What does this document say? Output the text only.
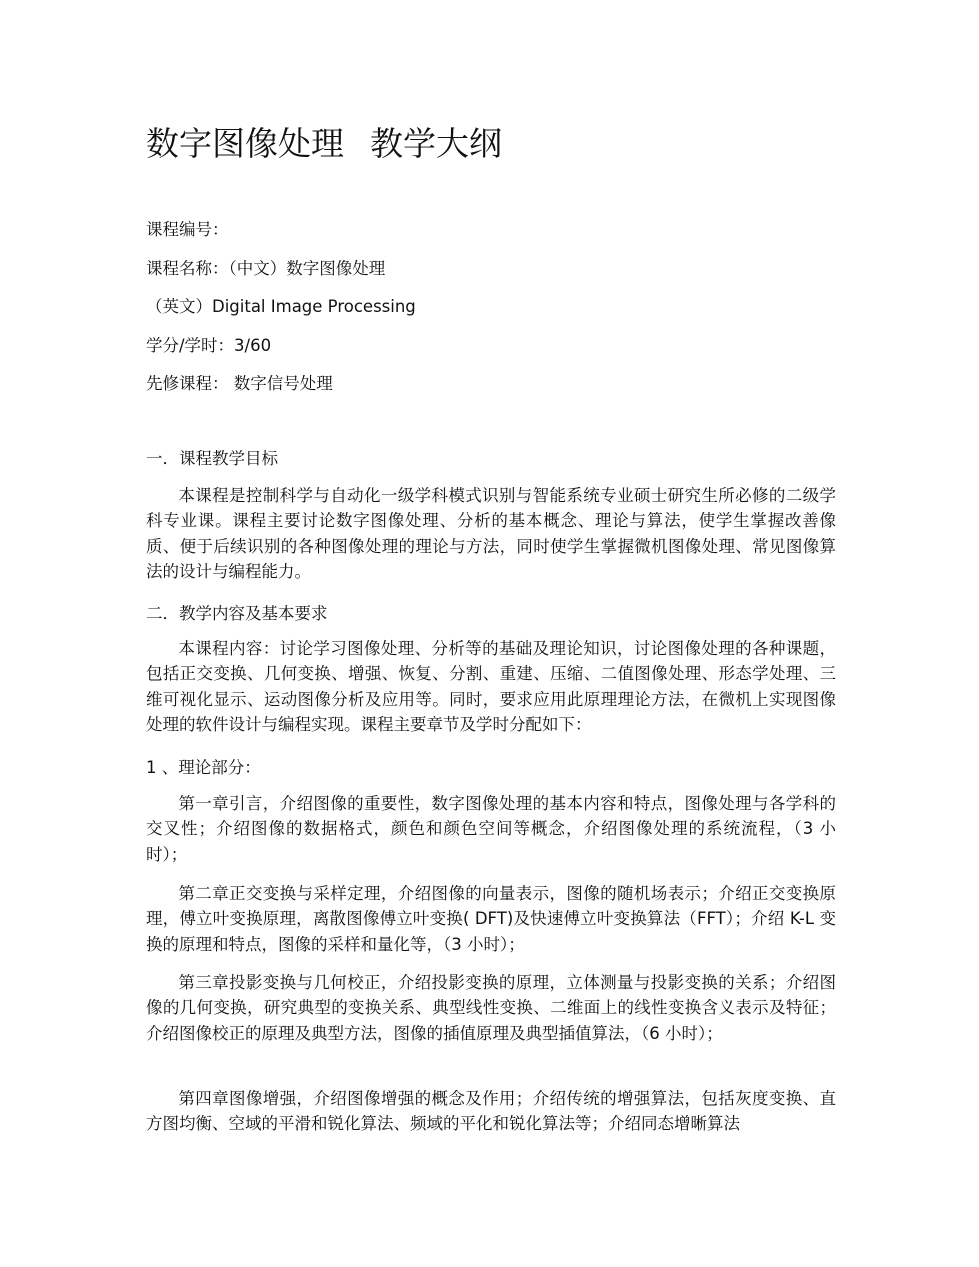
数字图像处理 教学大纲
课程编号：
课程名称：（中文）数字图像处理
（英文）Digital Image Processing
学分/学时：3/60
先修课程： 数字信号处理
一．课程教学目标
本课程是控制科学与自动化一级学科模式识别与智能系统专业硕士研究生所必修的二级学科专业课。课程主要讨论数字图像处理、分析的基本概念、理论与算法，使学生掌握改善像质、便于后续识别的各种图像处理的理论与方法，同时使学生掌握微机图像处理、常见图像算法的设计与编程能力。
二．教学内容及基本要求
本课程内容：讨论学习图像处理、分析等的基础及理论知识，讨论图像处理的各种课题，包括正交变换、几何变换、增强、恢复、分割、重建、压缩、二值图像处理、形态学处理、三维可视化显示、运动图像分析及应用等。同时，要求应用此原理理论方法，在微机上实现图像处理的软件设计与编程实现。课程主要章节及学时分配如下：
1 、理论部分：
第一章引言，介绍图像的重要性，数字图像处理的基本内容和特点，图像处理与各学科的交叉性；介绍图像的数据格式，颜色和颜色空间等概念，介绍图像处理的系统流程，（3 小时）；
第二章正交变换与采样定理，介绍图像的向量表示，图像的随机场表示；介绍正交变换原理，傅立叶变换原理，离散图像傅立叶变换( DFT)及快速傅立叶变换算法（FFT）；介绍 K-L 变换的原理和特点，图像的采样和量化等，（3 小时）；
第三章投影变换与几何校正，介绍投影变换的原理，立体测量与投影变换的关系；介绍图像的几何变换，研究典型的变换关系、典型线性变换、二维面上的线性变换含义表示及特征；介绍图像校正的原理及典型方法，图像的插值原理及典型插值算法，（6 小时）；
第四章图像增强，介绍图像增强的概念及作用；介绍传统的增强算法，包括灰度变换、直方图均衡、空域的平滑和锐化算法、频域的平化和锐化算法等；介绍同态增晰算法
